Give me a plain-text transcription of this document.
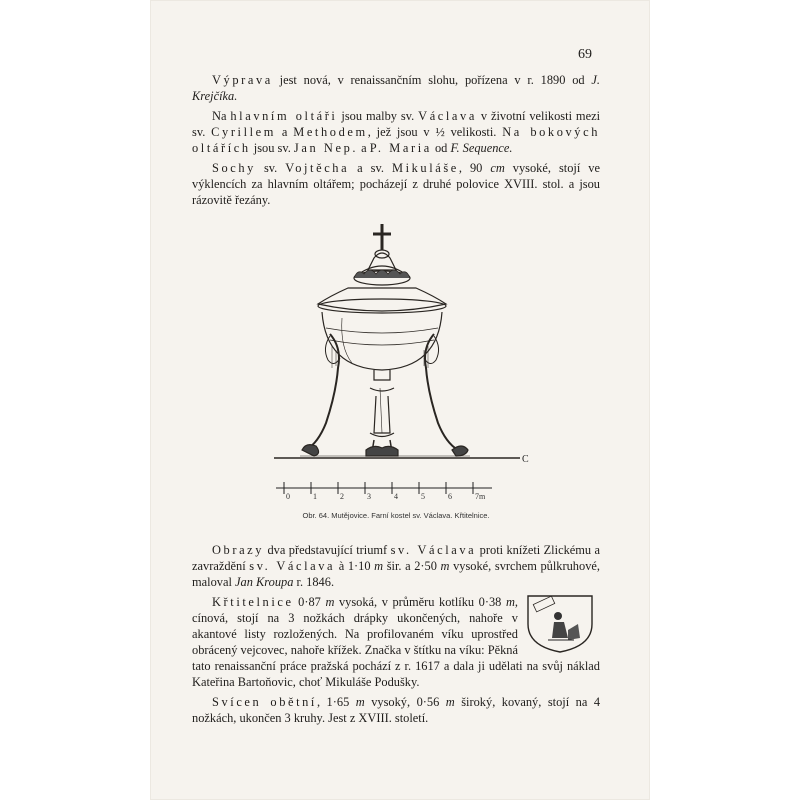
69

Výprava jest nová, v renaissančním slohu, pořízena v r. 1890 od J. Krejčíka.

Na hlavním oltáři jsou malby sv. Václava v životní velikosti mezi sv. Cyrillem a Methodem, jež jsou v ½ velikosti. Na bokových oltářích jsou sv. Jan Nep. a P. Maria od F. Sequence.

Sochy sv. Vojtěcha a sv. Mikuláše, 90 cm vysoké, stojí ve výklencích za hlavním oltářem; pocházejí z druhé polovice XVIII. stol. a jsou rázovitě řezány.

C
0	1	2	3	4	5	6	7m
Obr. 64. Mutějovice. Farní kostel sv. Václava. Křtitelnice.

Obrazy dva představující triumf sv. Václava proti knížeti Zlickému a zavraždění sv. Václava à 1·10 m šir. a 2·50 m vysoké, svrchem půlkruhové, maloval Jan Kroupa r. 1846.

Křtitelnice 0·87 m vysoká, v průměru kotlíku 0·38 m, cínová, stojí na 3 nožkách drápky ukončených, nahoře v akantové listy rozložených. Na profilovaném víku uprostřed obrácený vejcovec, nahoře křížek. Značka v štítku na víku: Pěkná tato renaissanční práce pražská pochází z r. 1617 a dala ji udělati na svůj náklad Kateřina Bartoňovic, choť Mikuláše Podušky.

Svícen obětní, 1·65 m vysoký, 0·56 m široký, kovaný, stojí na 4 nožkách, ukončen 3 kruhy. Jest z XVIII. století.
